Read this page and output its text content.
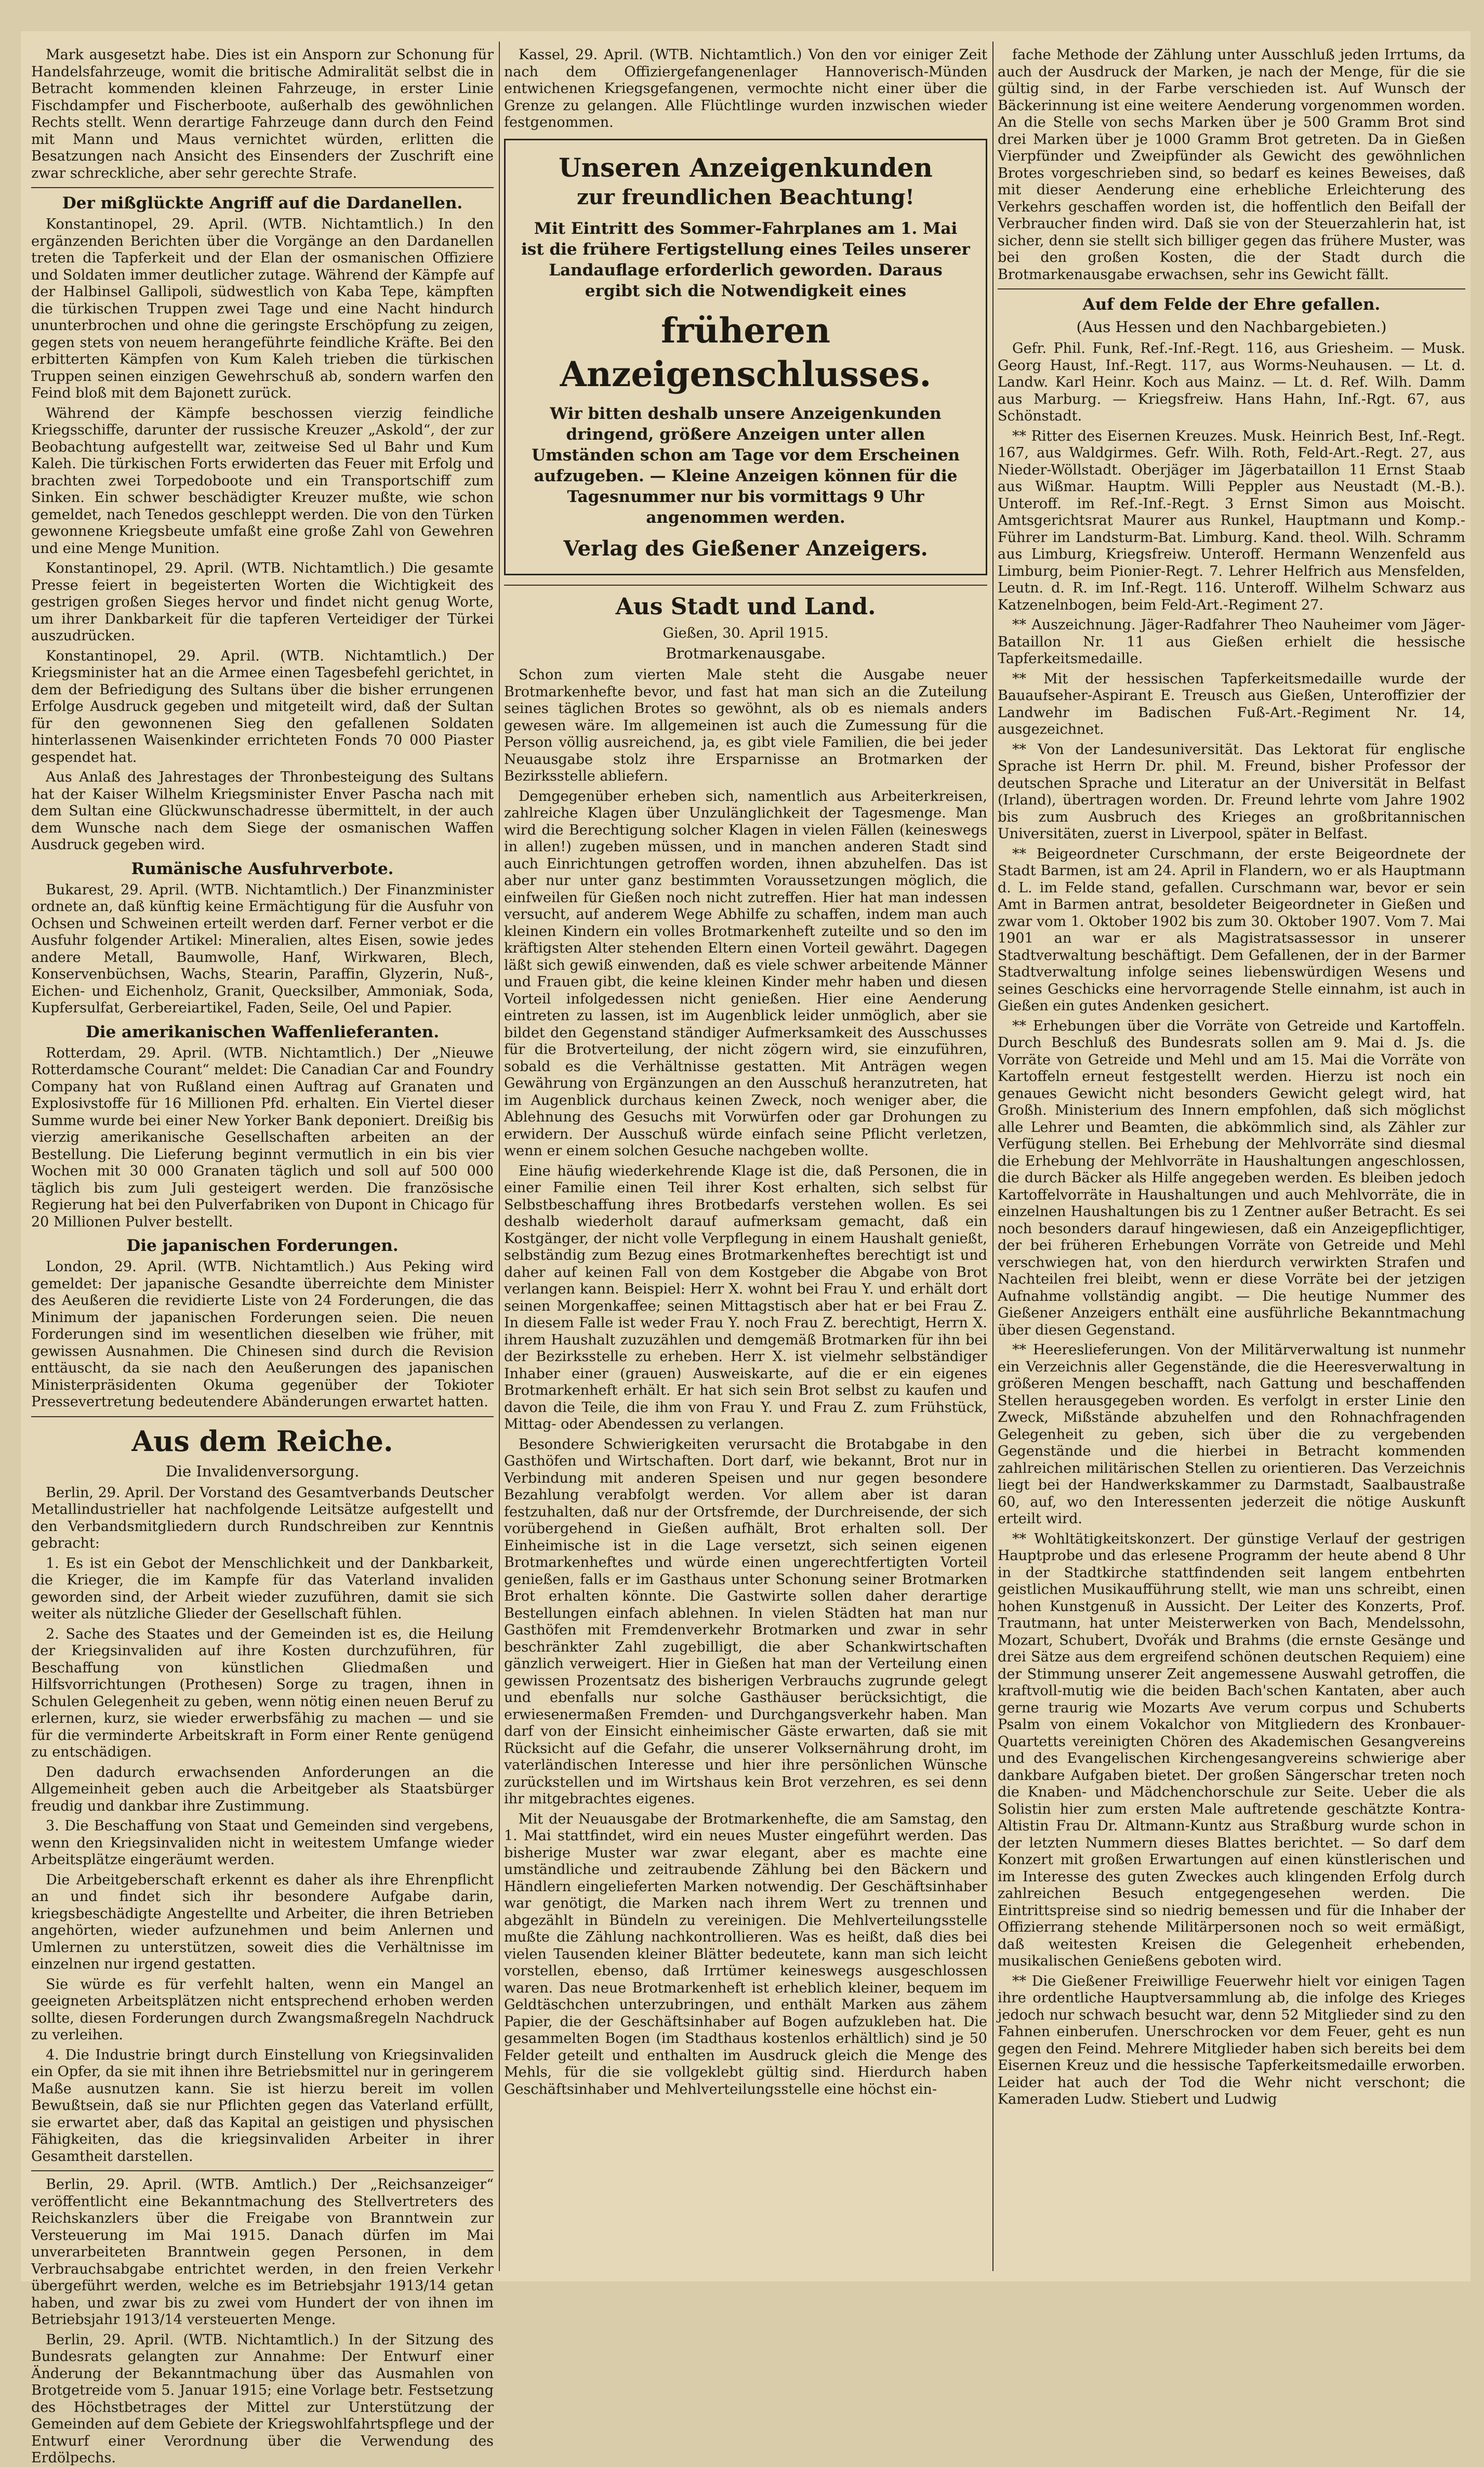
Mark ausgesetzt habe. Dies ist ein Ansporn zur Schonung für Handelsfahrzeuge, womit die britische Admiralität selbst die in Betracht kommenden kleinen Fahrzeuge, in erster Linie Fischdampfer und Fischerboote, außerhalb des gewöhnlichen Rechts stellt. Wenn derartige Fahrzeuge dann durch den Feind mit Mann und Maus vernichtet würden, erlitten die Besatzungen nach Ansicht des Einsenders der Zuschrift eine zwar schreckliche, aber sehr gerechte Strafe.

Der mißglückte Angriff auf die Dardanellen.

Konstantinopel, 29. April. (WTB. Nichtamtlich.) In den ergänzenden Berichten über die Vorgänge an den Dardanellen treten die Tapferkeit und der Elan der osmanischen Offiziere und Soldaten immer deutlicher zutage. Während der Kämpfe auf der Halbinsel Gallipoli, südwestlich von Kaba Tepe, kämpften die türkischen Truppen zwei Tage und eine Nacht hindurch ununterbrochen und ohne die geringste Erschöpfung zu zeigen, gegen stets von neuem herangeführte feindliche Kräfte. Bei den erbitterten Kämpfen von Kum Kaleh trieben die türkischen Truppen seinen einzigen Gewehrschuß ab, sondern warfen den Feind bloß mit dem Bajonett zurück.

Während der Kämpfe beschossen vierzig feindliche Kriegsschiffe, darunter der russische Kreuzer „Askold“, der zur Beobachtung aufgestellt war, zeitweise Sed ul Bahr und Kum Kaleh. Die türkischen Forts erwiderten das Feuer mit Erfolg und brachten zwei Torpedoboote und ein Transportschiff zum Sinken. Ein schwer beschädigter Kreuzer mußte, wie schon gemeldet, nach Tenedos geschleppt werden. Die von den Türken gewonnene Kriegsbeute umfaßt eine große Zahl von Gewehren und eine Menge Munition.

Konstantinopel, 29. April. (WTB. Nichtamtlich.) Die gesamte Presse feiert in begeisterten Worten die Wichtigkeit des gestrigen großen Sieges hervor und findet nicht genug Worte, um ihrer Dankbarkeit für die tapferen Verteidiger der Türkei auszudrücken.

Konstantinopel, 29. April. (WTB. Nichtamtlich.) Der Kriegsminister hat an die Armee einen Tagesbefehl gerichtet, in dem der Befriedigung des Sultans über die bisher errungenen Erfolge Ausdruck gegeben und mitgeteilt wird, daß der Sultan für den gewonnenen Sieg den gefallenen Soldaten hinterlassenen Waisenkinder errichteten Fonds 70 000 Piaster gespendet hat.

Aus Anlaß des Jahrestages der Thronbesteigung des Sultans hat der Kaiser Wilhelm Kriegsminister Enver Pascha nach mit dem Sultan eine Glückwunschadresse übermittelt, in der auch dem Wunsche nach dem Siege der osmanischen Waffen Ausdruck gegeben wird.

Rumänische Ausfuhrverbote.

Bukarest, 29. April. (WTB. Nichtamtlich.) Der Finanzminister ordnete an, daß künftig keine Ermächtigung für die Ausfuhr von Ochsen und Schweinen erteilt werden darf. Ferner verbot er die Ausfuhr folgender Artikel: Mineralien, altes Eisen, sowie jedes andere Metall, Baumwolle, Hanf, Wirkwaren, Blech, Konservenbüchsen, Wachs, Stearin, Paraffin, Glyzerin, Nuß-, Eichen- und Eichenholz, Granit, Quecksilber, Ammoniak, Soda, Kupfersulfat, Gerbereiartikel, Faden, Seile, Oel und Papier.

Die amerikanischen Waffenlieferanten.

Rotterdam, 29. April. (WTB. Nichtamtlich.) Der „Nieuwe Rotterdamsche Courant“ meldet: Die Canadian Car and Foundry Company hat von Rußland einen Auftrag auf Granaten und Explosivstoffe für 16 Millionen Pfd. erhalten. Ein Viertel dieser Summe wurde bei einer New Yorker Bank deponiert. Dreißig bis vierzig amerikanische Gesellschaften arbeiten an der Bestellung. Die Lieferung beginnt vermutlich in ein bis vier Wochen mit 30 000 Granaten täglich und soll auf 500 000 täglich bis zum Juli gesteigert werden. Die französische Regierung hat bei den Pulverfabriken von Dupont in Chicago für 20 Millionen Pulver bestellt.

Die japanischen Forderungen.

London, 29. April. (WTB. Nichtamtlich.) Aus Peking wird gemeldet: Der japanische Gesandte überreichte dem Minister des Aeußeren die revidierte Liste von 24 Forderungen, die das Minimum der japanischen Forderungen seien. Die neuen Forderungen sind im wesentlichen dieselben wie früher, mit gewissen Ausnahmen. Die Chinesen sind durch die Revision enttäuscht, da sie nach den Aeußerungen des japanischen Ministerpräsidenten Okuma gegenüber der Tokioter Pressevertretung bedeutendere Abänderungen erwartet hatten.

Aus dem Reiche.
Die Invalidenversorgung.

Berlin, 29. April. Der Vorstand des Gesamtverbands Deutscher Metallindustrieller hat nachfolgende Leitsätze aufgestellt und den Verbandsmitgliedern durch Rundschreiben zur Kenntnis gebracht:

1. Es ist ein Gebot der Menschlichkeit und der Dankbarkeit, die Krieger, die im Kampfe für das Vaterland invaliden geworden sind, der Arbeit wieder zuzuführen, damit sie sich weiter als nützliche Glieder der Gesellschaft fühlen.

2. Sache des Staates und der Gemeinden ist es, die Heilung der Kriegsinvaliden auf ihre Kosten durchzuführen, für Beschaffung von künstlichen Gliedmaßen und Hilfsvorrichtungen (Prothesen) Sorge zu tragen, ihnen in Schulen Gelegenheit zu geben, wenn nötig einen neuen Beruf zu erlernen, kurz, sie wieder erwerbsfähig zu machen — und sie für die verminderte Arbeitskraft in Form einer Rente genügend zu entschädigen.

Den dadurch erwachsenden Anforderungen an die Allgemeinheit geben auch die Arbeitgeber als Staatsbürger freudig und dankbar ihre Zustimmung.

3. Die Beschaffung von Staat und Gemeinden sind vergebens, wenn den Kriegsinvaliden nicht in weitestem Umfange wieder Arbeitsplätze eingeräumt werden.

Die Arbeitgeberschaft erkennt es daher als ihre Ehrenpflicht an und findet sich ihr besondere Aufgabe darin, kriegsbeschädigte Angestellte und Arbeiter, die ihren Betrieben angehörten, wieder aufzunehmen und beim Anlernen und Umlernen zu unterstützen, soweit dies die Verhältnisse im einzelnen nur irgend gestatten.

Sie würde es für verfehlt halten, wenn ein Mangel an geeigneten Arbeitsplätzen nicht entsprechend erhoben werden sollte, diesen Forderungen durch Zwangsmaßregeln Nachdruck zu verleihen.

4. Die Industrie bringt durch Einstellung von Kriegsinvaliden ein Opfer, da sie mit ihnen ihre Betriebsmittel nur in geringerem Maße ausnutzen kann. Sie ist hierzu bereit im vollen Bewußtsein, daß sie nur Pflichten gegen das Vaterland erfüllt, sie erwartet aber, daß das Kapital an geistigen und physischen Fähigkeiten, das die kriegsinvaliden Arbeiter in ihrer Gesamtheit darstellen.

Berlin, 29. April. (WTB. Amtlich.) Der „Reichsanzeiger“ veröffentlicht eine Bekanntmachung des Stellvertreters des Reichskanzlers über die Freigabe von Branntwein zur Versteuerung im Mai 1915. Danach dürfen im Mai unverarbeiteten Branntwein gegen Personen, in dem Verbrauchsabgabe entrichtet werden, in den freien Verkehr übergeführt werden, welche es im Betriebsjahr 1913/14 getan haben, und zwar bis zu zwei vom Hundert der von ihnen im Betriebsjahr 1913/14 versteuerten Menge.

Berlin, 29. April. (WTB. Nichtamtlich.) In der Sitzung des Bundesrats gelangten zur Annahme: Der Entwurf einer Änderung der Bekanntmachung über das Ausmahlen von Brotgetreide vom 5. Januar 1915; eine Vorlage betr. Festsetzung des Höchstbetrages der Mittel zur Unterstützung der Gemeinden auf dem Gebiete der Kriegswohlfahrtspflege und der Entwurf einer Verordnung über die Verwendung des Erdölpechs.

Kassel, 29. April. (WTB. Nichtamtlich.) Von den vor einiger Zeit nach dem Offiziergefangenenlager Hannoverisch-Münden entwichenen Kriegsgefangenen, vermochte nicht einer über die Grenze zu gelangen. Alle Flüchtlinge wurden inzwischen wieder festgenommen.

Unseren Anzeigenkunden
zur freundlichen Beachtung!
Mit Eintritt des Sommer-Fahrplanes am 1. Mai ist die frühere Fertigstellung eines Teiles unserer Landauflage erforderlich geworden. Daraus ergibt sich die Notwendigkeit eines
früheren Anzeigenschlusses.
Wir bitten deshalb unsere Anzeigenkunden dringend, größere Anzeigen unter allen Umständen schon am Tage vor dem Erscheinen aufzugeben. — Kleine Anzeigen können für die Tagesnummer nur bis vormittags 9 Uhr angenommen werden.
Verlag des Gießener Anzeigers.
Aus Stadt und Land.

Gießen, 30. April 1915.

Brotmarkenausgabe.

Schon zum vierten Male steht die Ausgabe neuer Brotmarkenhefte bevor, und fast hat man sich an die Zuteilung seines täglichen Brotes so gewöhnt, als ob es niemals anders gewesen wäre. Im allgemeinen ist auch die Zumessung für die Person völlig ausreichend, ja, es gibt viele Familien, die bei jeder Neuausgabe stolz ihre Ersparnisse an Brotmarken der Bezirksstelle abliefern.

Demgegenüber erheben sich, namentlich aus Arbeiterkreisen, zahlreiche Klagen über Unzulänglichkeit der Tagesmenge. Man wird die Berechtigung solcher Klagen in vielen Fällen (keineswegs in allen!) zugeben müssen, und in manchen anderen Stadt sind auch Einrichtungen getroffen worden, ihnen abzuhelfen. Das ist aber nur unter ganz bestimmten Voraussetzungen möglich, die einfweilen für Gießen noch nicht zutreffen. Hier hat man indessen versucht, auf anderem Wege Abhilfe zu schaffen, indem man auch kleinen Kindern ein volles Brotmarkenheft zuteilte und so den im kräftigsten Alter stehenden Eltern einen Vorteil gewährt. Dagegen läßt sich gewiß einwenden, daß es viele schwer arbeitende Männer und Frauen gibt, die keine kleinen Kinder mehr haben und diesen Vorteil infolgedessen nicht genießen. Hier eine Aenderung eintreten zu lassen, ist im Augenblick leider unmöglich, aber sie bildet den Gegenstand ständiger Aufmerksamkeit des Ausschusses für die Brotverteilung, der nicht zögern wird, sie einzuführen, sobald es die Verhältnisse gestatten. Mit Anträgen wegen Gewährung von Ergänzungen an den Ausschuß heranzutreten, hat im Augenblick durchaus keinen Zweck, noch weniger aber, die Ablehnung des Gesuchs mit Vorwürfen oder gar Drohungen zu erwidern. Der Ausschuß würde einfach seine Pflicht verletzen, wenn er einem solchen Gesuche nachgeben wollte.

Eine häufig wiederkehrende Klage ist die, daß Personen, die in einer Familie einen Teil ihrer Kost erhalten, sich selbst für Selbstbeschaffung ihres Brotbedarfs verstehen wollen. Es sei deshalb wiederholt darauf aufmerksam gemacht, daß ein Kostgänger, der nicht volle Verpflegung in einem Haushalt genießt, selbständig zum Bezug eines Brotmarkenheftes berechtigt ist und daher auf keinen Fall von dem Kostgeber die Abgabe von Brot verlangen kann. Beispiel: Herr X. wohnt bei Frau Y. und erhält dort seinen Morgenkaffee; seinen Mittagstisch aber hat er bei Frau Z. In diesem Falle ist weder Frau Y. noch Frau Z. berechtigt, Herrn X. ihrem Haushalt zuzuzählen und demgemäß Brotmarken für ihn bei der Bezirksstelle zu erheben. Herr X. ist vielmehr selbständiger Inhaber einer (grauen) Ausweiskarte, auf die er ein eigenes Brotmarkenheft erhält. Er hat sich sein Brot selbst zu kaufen und davon die Teile, die ihm von Frau Y. und Frau Z. zum Frühstück, Mittag- oder Abendessen zu verlangen.

Besondere Schwierigkeiten verursacht die Brotabgabe in den Gasthöfen und Wirtschaften. Dort darf, wie bekannt, Brot nur in Verbindung mit anderen Speisen und nur gegen besondere Bezahlung verabfolgt werden. Vor allem aber ist daran festzuhalten, daß nur der Ortsfremde, der Durchreisende, der sich vorübergehend in Gießen aufhält, Brot erhalten soll. Der Einheimische ist in die Lage versetzt, sich seinen eigenen Brotmarkenheftes und würde einen ungerechtfertigten Vorteil genießen, falls er im Gasthaus unter Schonung seiner Brotmarken Brot erhalten könnte. Die Gastwirte sollen daher derartige Bestellungen einfach ablehnen. In vielen Städten hat man nur Gasthöfen mit Fremdenverkehr Brotmarken und zwar in sehr beschränkter Zahl zugebilligt, die aber Schankwirtschaften gänzlich verweigert. Hier in Gießen hat man der Verteilung einen gewissen Prozentsatz des bisherigen Verbrauchs zugrunde gelegt und ebenfalls nur solche Gasthäuser berücksichtigt, die erwiesenermaßen Fremden- und Durchgangsverkehr haben. Man darf von der Einsicht einheimischer Gäste erwarten, daß sie mit Rücksicht auf die Gefahr, die unserer Volksernährung droht, im vaterländischen Interesse und hier ihre persönlichen Wünsche zurückstellen und im Wirtshaus kein Brot verzehren, es sei denn ihr mitgebrachtes eigenes.

Mit der Neuausgabe der Brotmarkenhefte, die am Samstag, den 1. Mai stattfindet, wird ein neues Muster eingeführt werden. Das bisherige Muster war zwar elegant, aber es machte eine umständliche und zeitraubende Zählung bei den Bäckern und Händlern eingelieferten Marken notwendig. Der Geschäftsinhaber war genötigt, die Marken nach ihrem Wert zu trennen und abgezählt in Bündeln zu vereinigen. Die Mehlverteilungsstelle mußte die Zählung nachkontrollieren. Was es heißt, daß dies bei vielen Tausenden kleiner Blätter bedeutete, kann man sich leicht vorstellen, ebenso, daß Irrtümer keineswegs ausgeschlossen waren. Das neue Brotmarkenheft ist erheblich kleiner, bequem im Geldtäschchen unterzubringen, und enthält Marken aus zähem Papier, die der Geschäftsinhaber auf Bogen aufzukleben hat. Die gesammelten Bogen (im Stadthaus kostenlos erhältlich) sind je 50 Felder geteilt und enthalten im Ausdruck gleich die Menge des Mehls, für die sie vollgeklebt gültig sind. Hierdurch haben Geschäftsinhaber und Mehlverteilungsstelle eine höchst ein-

fache Methode der Zählung unter Ausschluß jeden Irrtums, da auch der Ausdruck der Marken, je nach der Menge, für die sie gültig sind, in der Farbe verschieden ist. Auf Wunsch der Bäckerinnung ist eine weitere Aenderung vorgenommen worden. An die Stelle von sechs Marken über je 500 Gramm Brot sind drei Marken über je 1000 Gramm Brot getreten. Da in Gießen Vierpfünder und Zweipfünder als Gewicht des gewöhnlichen Brotes vorgeschrieben sind, so bedarf es keines Beweises, daß mit dieser Aenderung eine erhebliche Erleichterung des Verkehrs geschaffen worden ist, die hoffentlich den Beifall der Verbraucher finden wird. Daß sie von der Steuerzahlerin hat, ist sicher, denn sie stellt sich billiger gegen das frühere Muster, was bei den großen Kosten, die der Stadt durch die Brotmarkenausgabe erwachsen, sehr ins Gewicht fällt.

Auf dem Felde der Ehre gefallen.
(Aus Hessen und den Nachbargebieten.)

Gefr. Phil. Funk, Ref.-Inf.-Regt. 116, aus Griesheim. — Musk. Georg Haust, Inf.-Regt. 117, aus Worms-Neuhausen. — Lt. d. Landw. Karl Heinr. Koch aus Mainz. — Lt. d. Ref. Wilh. Damm aus Marburg. — Kriegsfreiw. Hans Hahn, Inf.-Rgt. 67, aus Schönstadt.

** Ritter des Eisernen Kreuzes. Musk. Heinrich Best, Inf.-Regt. 167, aus Waldgirmes. Gefr. Wilh. Roth, Feld-Art.-Regt. 27, aus Nieder-Wöllstadt. Oberjäger im Jägerbataillon 11 Ernst Staab aus Wißmar. Hauptm. Willi Peppler aus Neustadt (M.-B.). Unteroff. im Ref.-Inf.-Regt. 3 Ernst Simon aus Moischt. Amtsgerichtsrat Maurer aus Runkel, Hauptmann und Komp.-Führer im Landsturm-Bat. Limburg. Kand. theol. Wilh. Schramm aus Limburg, Kriegsfreiw. Unteroff. Hermann Wenzenfeld aus Limburg, beim Pionier-Regt. 7. Lehrer Helfrich aus Mensfelden, Leutn. d. R. im Inf.-Regt. 116. Unteroff. Wilhelm Schwarz aus Katzenelnbogen, beim Feld-Art.-Regiment 27.

** Auszeichnung. Jäger-Radfahrer Theo Nauheimer vom Jäger-Bataillon Nr. 11 aus Gießen erhielt die hessische Tapferkeitsmedaille.

** Mit der hessischen Tapferkeitsmedaille wurde der Bauaufseher-Aspirant E. Treusch aus Gießen, Unteroffizier der Landwehr im Badischen Fuß-Art.-Regiment Nr. 14, ausgezeichnet.

** Von der Landesuniversität. Das Lektorat für englische Sprache ist Herrn Dr. phil. M. Freund, bisher Professor der deutschen Sprache und Literatur an der Universität in Belfast (Irland), übertragen worden. Dr. Freund lehrte vom Jahre 1902 bis zum Ausbruch des Krieges an großbritannischen Universitäten, zuerst in Liverpool, später in Belfast.

** Beigeordneter Curschmann, der erste Beigeordnete der Stadt Barmen, ist am 24. April in Flandern, wo er als Hauptmann d. L. im Felde stand, gefallen. Curschmann war, bevor er sein Amt in Barmen antrat, besoldeter Beigeordneter in Gießen und zwar vom 1. Oktober 1902 bis zum 30. Oktober 1907. Vom 7. Mai 1901 an war er als Magistratsassessor in unserer Stadtverwaltung beschäftigt. Dem Gefallenen, der in der Barmer Stadtverwaltung infolge seines liebenswürdigen Wesens und seines Geschicks eine hervorragende Stelle einnahm, ist auch in Gießen ein gutes Andenken gesichert.

** Erhebungen über die Vorräte von Getreide und Kartoffeln. Durch Beschluß des Bundesrats sollen am 9. Mai d. Js. die Vorräte von Getreide und Mehl und am 15. Mai die Vorräte von Kartoffeln erneut festgestellt werden. Hierzu ist noch ein genaues Gewicht nicht besonders Gewicht gelegt wird, hat Großh. Ministerium des Innern empfohlen, daß sich möglichst alle Lehrer und Beamten, die abkömmlich sind, als Zähler zur Verfügung stellen. Bei Erhebung der Mehlvorräte sind diesmal die Erhebung der Mehlvorräte in Haushaltungen angeschlossen, die durch Bäcker als Hilfe angegeben werden. Es bleiben jedoch Kartoffelvorräte in Haushaltungen und auch Mehlvorräte, die in einzelnen Haushaltungen bis zu 1 Zentner außer Betracht. Es sei noch besonders darauf hingewiesen, daß ein Anzeigepflichtiger, der bei früheren Erhebungen Vorräte von Getreide und Mehl verschwiegen hat, von den hierdurch verwirkten Strafen und Nachteilen frei bleibt, wenn er diese Vorräte bei der jetzigen Aufnahme vollständig angibt. — Die heutige Nummer des Gießener Anzeigers enthält eine ausführliche Bekanntmachung über diesen Gegenstand.

** Heereslieferungen. Von der Militärverwaltung ist nunmehr ein Verzeichnis aller Gegenstände, die die Heeresverwaltung in größeren Mengen beschafft, nach Gattung und beschaffenden Stellen herausgegeben worden. Es verfolgt in erster Linie den Zweck, Mißstände abzuhelfen und den Rohnachfragenden Gelegenheit zu geben, sich über die zu vergebenden Gegenstände und die hierbei in Betracht kommenden zahlreichen militärischen Stellen zu orientieren. Das Verzeichnis liegt bei der Handwerkskammer zu Darmstadt, Saalbaustraße 60, auf, wo den Interessenten jederzeit die nötige Auskunft erteilt wird.

** Wohltätigkeitskonzert. Der günstige Verlauf der gestrigen Hauptprobe und das erlesene Programm der heute abend 8 Uhr in der Stadtkirche stattfindenden seit langem entbehrten geistlichen Musikaufführung stellt, wie man uns schreibt, einen hohen Kunstgenuß in Aussicht. Der Leiter des Konzerts, Prof. Trautmann, hat unter Meisterwerken von Bach, Mendelssohn, Mozart, Schubert, Dvořák und Brahms (die ernste Gesänge und drei Sätze aus dem ergreifend schönen deutschen Requiem) eine der Stimmung unserer Zeit angemessene Auswahl getroffen, die kraftvoll-mutig wie die beiden Bach'schen Kantaten, aber auch gerne traurig wie Mozarts Ave verum corpus und Schuberts Psalm von einem Vokalchor von Mitgliedern des Kronbauer-Quartetts vereinigten Chören des Akademischen Gesangvereins und des Evangelischen Kirchengesangvereins schwierige aber dankbare Aufgaben bietet. Der großen Sängerschar treten noch die Knaben- und Mädchenchorschule zur Seite. Ueber die als Solistin hier zum ersten Male auftretende geschätzte Kontra-Altistin Frau Dr. Altmann-Kuntz aus Straßburg wurde schon in der letzten Nummern dieses Blattes berichtet. — So darf dem Konzert mit großen Erwartungen auf einen künstlerischen und im Interesse des guten Zweckes auch klingenden Erfolg durch zahlreichen Besuch entgegengesehen werden. Die Eintrittspreise sind so niedrig bemessen und für die Inhaber der Offizierrang stehende Militärpersonen noch so weit ermäßigt, daß weitesten Kreisen die Gelegenheit erhebenden, musikalischen Genießens geboten wird.

** Die Gießener Freiwillige Feuerwehr hielt vor einigen Tagen ihre ordentliche Hauptversammlung ab, die infolge des Krieges jedoch nur schwach besucht war, denn 52 Mitglieder sind zu den Fahnen einberufen. Unerschrocken vor dem Feuer, geht es nun gegen den Feind. Mehrere Mitglieder haben sich bereits bei dem Eisernen Kreuz und die hessische Tapferkeitsmedaille erworben. Leider hat auch der Tod die Wehr nicht verschont; die Kameraden Ludw. Stiebert und Ludwig
